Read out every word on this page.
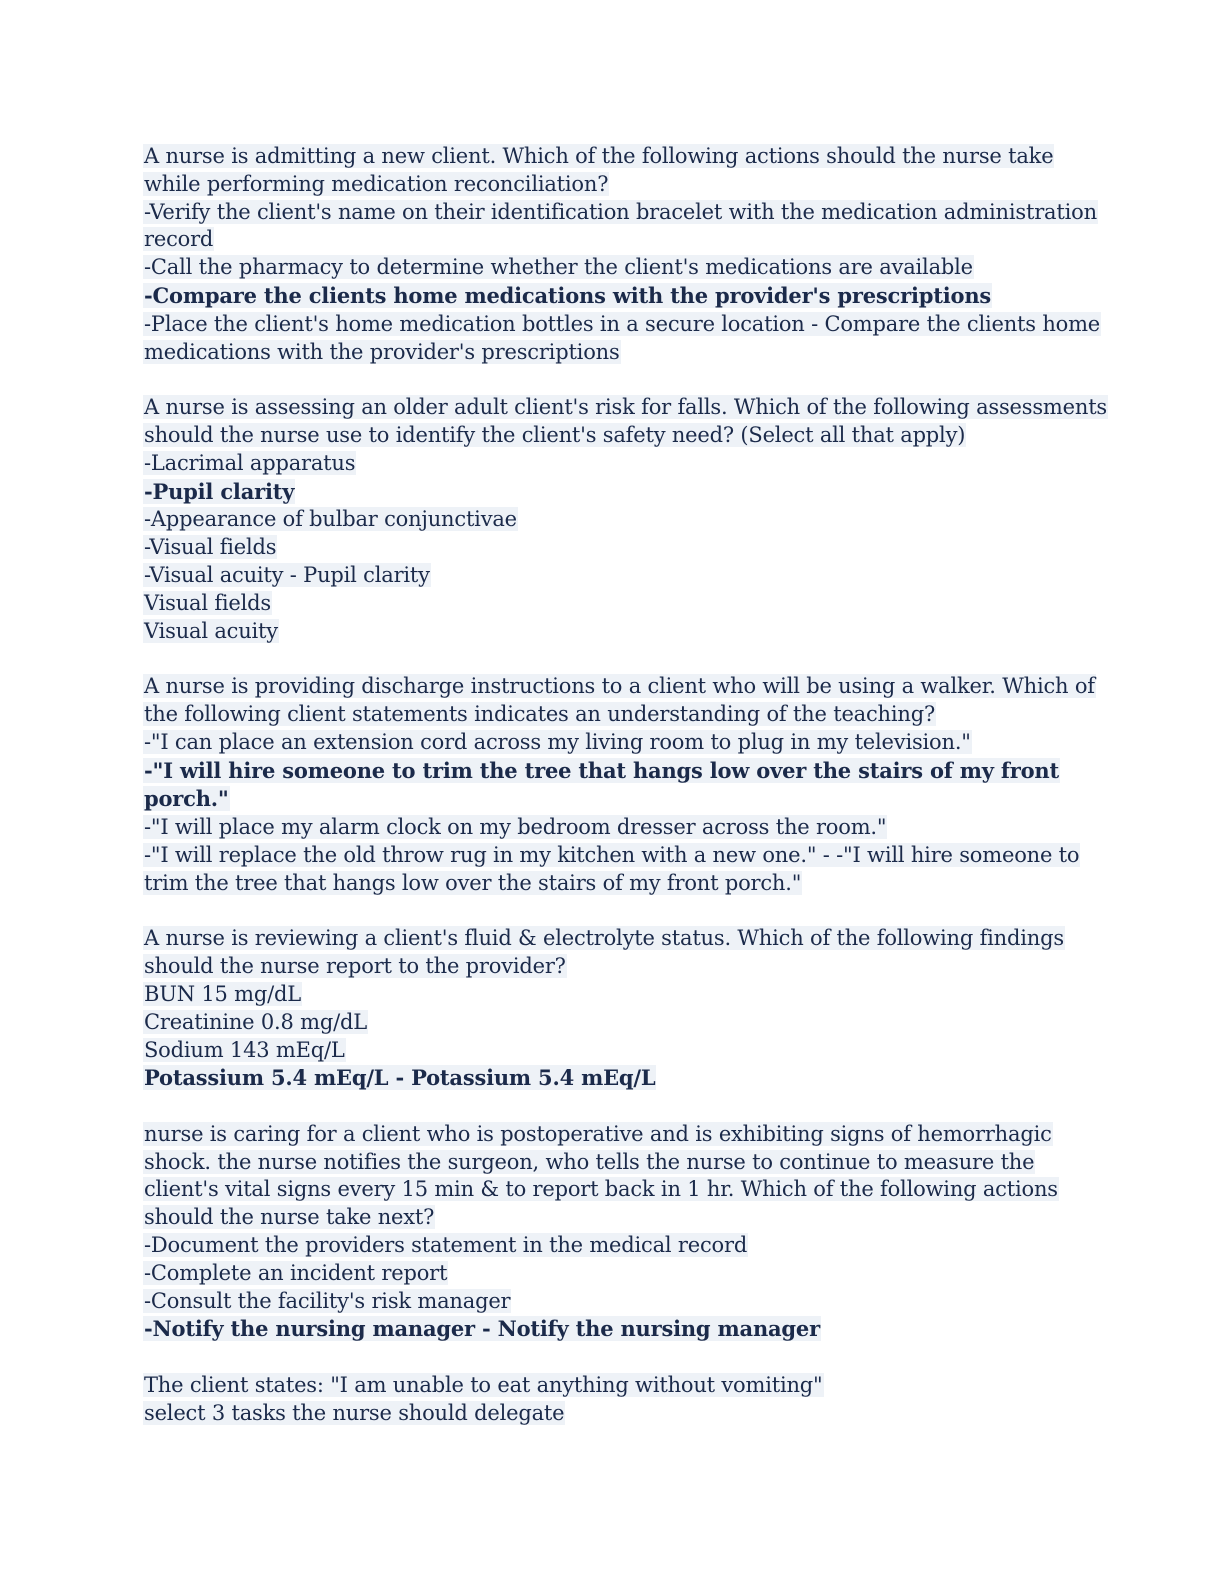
A nurse is admitting a new client. Which of the following actions should the nurse take
while performing medication reconciliation?
-Verify the client's name on their identification bracelet with the medication administration
record
-Call the pharmacy to determine whether the client's medications are available
-Compare the clients home medications with the provider's prescriptions
-Place the client's home medication bottles in a secure location - Compare the clients home
medications with the provider's prescriptions
A nurse is assessing an older adult client's risk for falls. Which of the following assessments
should the nurse use to identify the client's safety need? (Select all that apply)
-Lacrimal apparatus
-Pupil clarity
-Appearance of bulbar conjunctivae
-Visual fields
-Visual acuity - Pupil clarity
Visual fields
Visual acuity
A nurse is providing discharge instructions to a client who will be using a walker. Which of
the following client statements indicates an understanding of the teaching?
-"I can place an extension cord across my living room to plug in my television."
-"I will hire someone to trim the tree that hangs low over the stairs of my front
porch."
-"I will place my alarm clock on my bedroom dresser across the room."
-"I will replace the old throw rug in my kitchen with a new one." - -"I will hire someone to
trim the tree that hangs low over the stairs of my front porch."
A nurse is reviewing a client's fluid & electrolyte status. Which of the following findings
should the nurse report to the provider?
BUN 15 mg/dL
Creatinine 0.8 mg/dL
Sodium 143 mEq/L
Potassium 5.4 mEq/L - Potassium 5.4 mEq/L
nurse is caring for a client who is postoperative and is exhibiting signs of hemorrhagic
shock. the nurse notifies the surgeon, who tells the nurse to continue to measure the
client's vital signs every 15 min & to report back in 1 hr. Which of the following actions
should the nurse take next?
-Document the providers statement in the medical record
-Complete an incident report
-Consult the facility's risk manager
-Notify the nursing manager - Notify the nursing manager
The client states: "I am unable to eat anything without vomiting"
select 3 tasks the nurse should delegate
